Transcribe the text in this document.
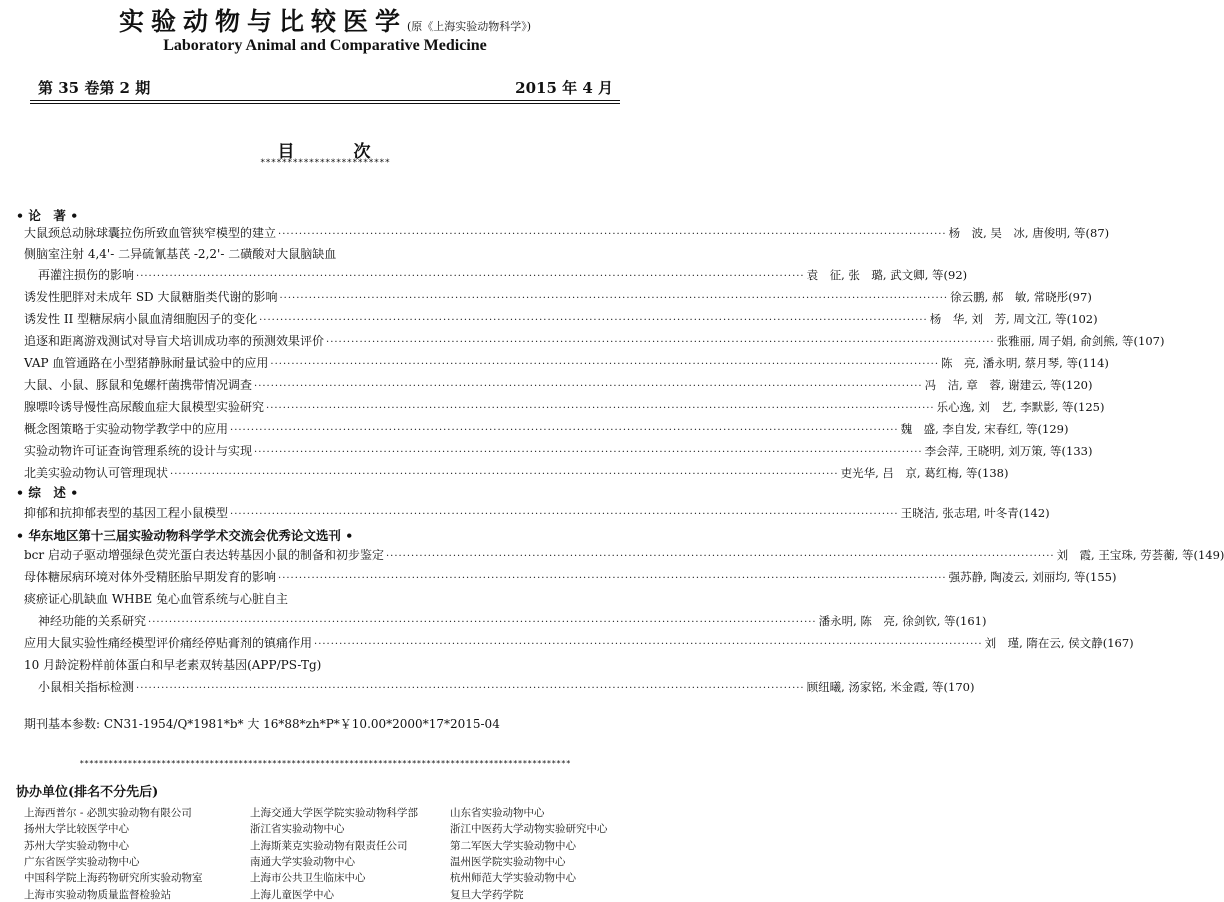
实验动物与比较医学(原《上海实验动物科学》)
Laboratory Animal and Comparative Medicine
第 35 卷第 2 期	2015 年 4 月
目　　　次
************************
• 论　著 •
• 综　述 •
• 华东地区第十三届实验动物科学学术交流会优秀论文选刊 •
大鼠颈总动脉球囊拉伤所致血管狭窄模型的建立 ································································································································································ 杨　波, 吴　冰, 唐俊明, 等(87)
侧脑室注射 4,4'- 二异硫氰基芪 -2,2'- 二磺酸对大鼠脑缺血
再灌注损伤的影响 ································································································································································ 袁　征, 张　璐, 武文卿, 等(92)
诱发性肥胖对未成年 SD 大鼠糖脂类代谢的影响 ································································································································································ 徐云鹏, 郝　敏, 常晓彤(97)
诱发性 II 型糖尿病小鼠血清细胞因子的变化 ································································································································································ 杨　华, 刘　芳, 周文江, 等(102)
追逐和距离游戏测试对导盲犬培训成功率的预测效果评价 ································································································································································ 张雅丽, 周子娟, 俞剑熊, 等(107)
VAP 血管通路在小型猪静脉耐量试验中的应用 ································································································································································ 陈　亮, 潘永明, 蔡月琴, 等(114)
大鼠、小鼠、豚鼠和兔螺杆菌携带情况调查 ································································································································································ 冯　洁, 章　蓉, 谢建云, 等(120)
腺嘌呤诱导慢性高尿酸血症大鼠模型实验研究 ································································································································································ 乐心逸, 刘　艺, 李默影, 等(125)
概念图策略于实验动物学教学中的应用 ································································································································································ 魏　盛, 李自发, 宋春红, 等(129)
实验动物许可证查询管理系统的设计与实现 ································································································································································ 李会萍, 王晓明, 刘万策, 等(133)
北美实验动物认可管理现状 ································································································································································ 吏光华, 吕　京, 葛红梅, 等(138)
抑郁和抗抑郁表型的基因工程小鼠模型 ································································································································································ 王晓洁, 张志珺, 叶冬青(142)
bcr 启动子驱动增强绿色荧光蛋白表达转基因小鼠的制备和初步鉴定 ································································································································································ 刘　霞, 王宝珠, 劳荟蘅, 等(149)
母体糖尿病环境对体外受精胚胎早期发育的影响 ································································································································································ 强苏静, 陶凌云, 刘丽均, 等(155)
痰瘀证心肌缺血 WHBE 兔心血管系统与心脏自主
神经功能的关系研究 ································································································································································ 潘永明, 陈　亮, 徐剑钦, 等(161)
应用大鼠实验性痛经模型评价痛经停贴膏剂的镇痛作用 ································································································································································ 刘　瑾, 隋在云, 侯文静(167)
10 月龄淀粉样前体蛋白和早老素双转基因(APP/PS-Tg)
小鼠相关指标检测 ································································································································································ 顾纽曦, 汤家铭, 米金霞, 等(170)
期刊基本参数: CN31-1954/Q*1981*b* 大 16*88*zh*P*￥10.00*2000*17*2015-04
******************************************************************************************************
协办单位(排名不分先后)
上海西普尔 - 必凯实验动物有限公司	上海交通大学医学院实验动物科学部	山东省实验动物中心
扬州大学比较医学中心	浙江省实验动物中心	浙江中医药大学动物实验研究中心
苏州大学实验动物中心	上海斯莱克实验动物有限责任公司	第二军医大学实验动物中心
广东省医学实验动物中心	南通大学实验动物中心	温州医学院实验动物中心
中国科学院上海药物研究所实验动物室	上海市公共卫生临床中心	杭州师范大学实验动物中心
上海市实验动物质量监督检验站	上海儿童医学中心	复旦大学药学院
